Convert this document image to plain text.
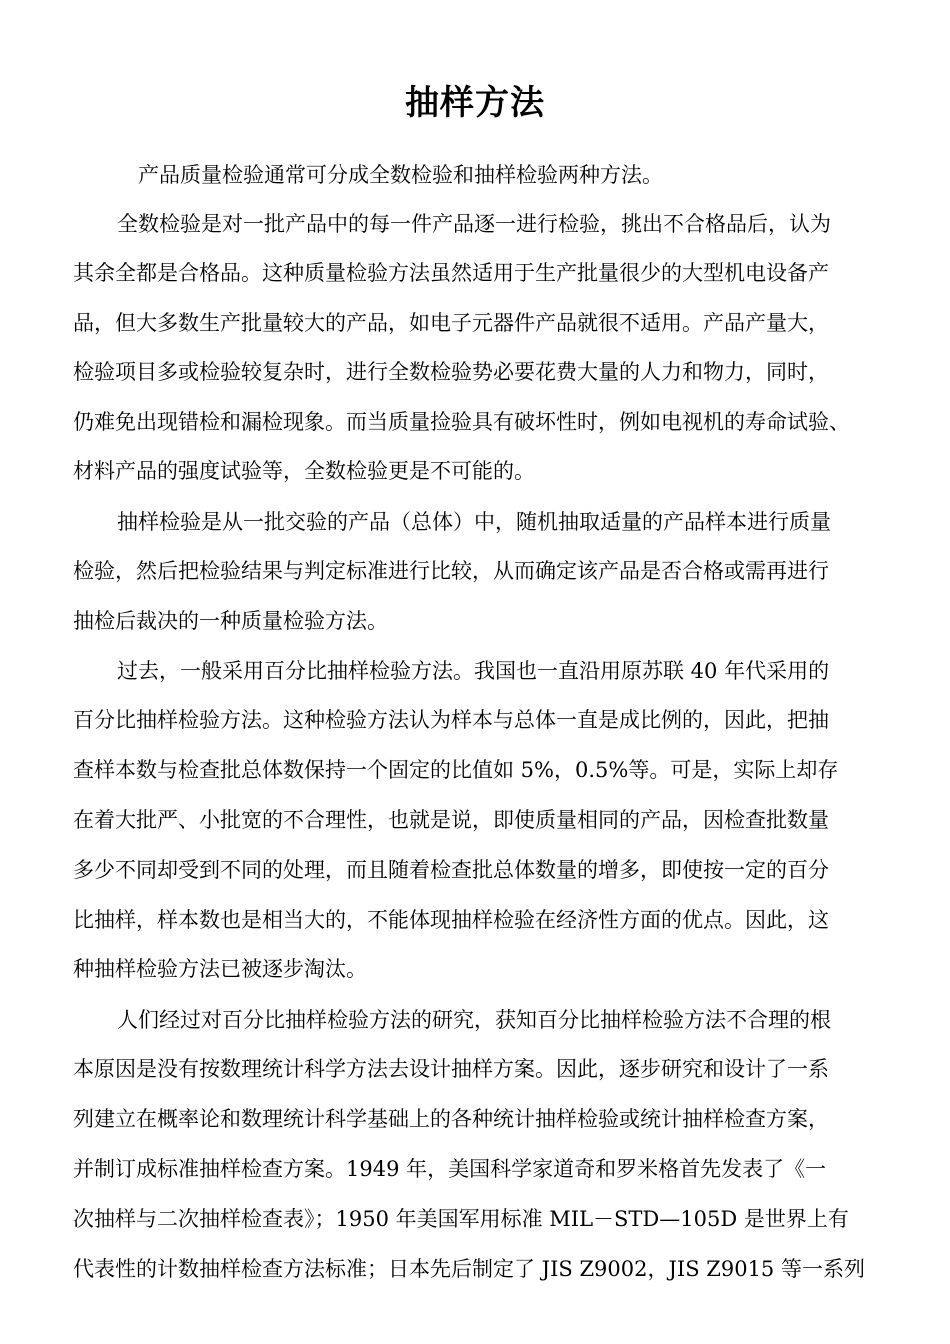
抽样方法
产品质量检验通常可分成全数检验和抽样检验两种方法。
全数检验是对一批产品中的每一件产品逐一进行检验，挑出不合格品后，认为
其余全都是合格品。这种质量检验方法虽然适用于生产批量很少的大型机电设备产
品，但大多数生产批量较大的产品，如电子元器件产品就很不适用。产品产量大，
检验项目多或检验较复杂时，进行全数检验势必要花费大量的人力和物力，同时，
仍难免出现错检和漏检现象。而当质量捡验具有破坏性时，例如电视机的寿命试验、
材料产品的强度试验等，全数检验更是不可能的。
抽样检验是从一批交验的产品（总体）中，随机抽取适量的产品样本进行质量
检验，然后把检验结果与判定标准进行比较，从而确定该产品是否合格或需再进行
抽检后裁决的一种质量检验方法。
过去，一般采用百分比抽样检验方法。我国也一直沿用原苏联 40 年代采用的
百分比抽样检验方法。这种检验方法认为样本与总体一直是成比例的，因此，把抽
查样本数与检查批总体数保持一个固定的比值如 5%，0.5%等。可是，实际上却存
在着大批严、小批宽的不合理性，也就是说，即使质量相同的产品，因检查批数量
多少不同却受到不同的处理，而且随着检查批总体数量的增多，即使按一定的百分
比抽样，样本数也是相当大的，不能体现抽样检验在经济性方面的优点。因此，这
种抽样检验方法已被逐步淘汰。
人们经过对百分比抽样检验方法的研究，获知百分比抽样检验方法不合理的根
本原因是没有按数理统计科学方法去设计抽样方案。因此，逐步研究和设计了一系
列建立在概率论和数理统计科学基础上的各种统计抽样检验或统计抽样检查方案，
并制订成标准抽样检查方案。1949 年，美国科学家道奇和罗米格首先发表了《一
次抽样与二次抽样检查表》；1950 年美国军用标准 MIL－STD—105D 是世界上有
代表性的计数抽样检查方法标准；日本先后制定了 JIS Z9002，JIS Z9015 等一系列
